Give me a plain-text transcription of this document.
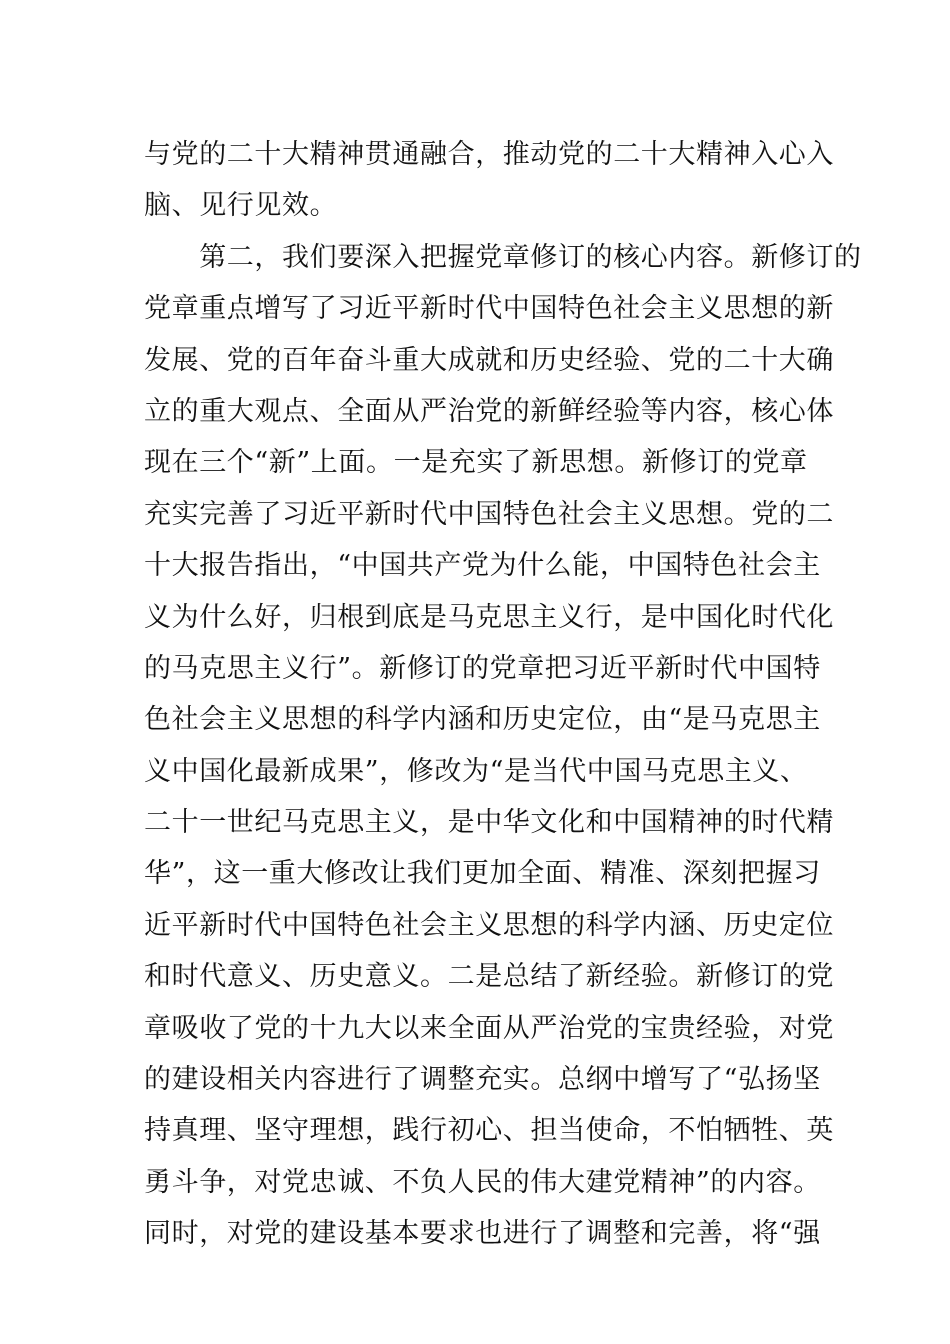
与党的二十大精神贯通融合，推动党的二十大精神入心入
脑、见行见效。
　　第二，我们要深入把握党章修订的核心内容。新修订的
党章重点增写了习近平新时代中国特色社会主义思想的新
发展、党的百年奋斗重大成就和历史经验、党的二十大确
立的重大观点、全面从严治党的新鲜经验等内容，核心体
现在三个“新”上面。一是充实了新思想。新修订的党章
充实完善了习近平新时代中国特色社会主义思想。党的二
十大报告指出，“中国共产党为什么能，中国特色社会主
义为什么好，归根到底是马克思主义行，是中国化时代化
的马克思主义行”。新修订的党章把习近平新时代中国特
色社会主义思想的科学内涵和历史定位，由“是马克思主
义中国化最新成果”，修改为“是当代中国马克思主义、
二十一世纪马克思主义，是中华文化和中国精神的时代精
华”，这一重大修改让我们更加全面、精准、深刻把握习
近平新时代中国特色社会主义思想的科学内涵、历史定位
和时代意义、历史意义。二是总结了新经验。新修订的党
章吸收了党的十九大以来全面从严治党的宝贵经验，对党
的建设相关内容进行了调整充实。总纲中增写了“弘扬坚
持真理、坚守理想，践行初心、担当使命，不怕牺牲、英
勇斗争，对党忠诚、不负人民的伟大建党精神”的内容。
同时，对党的建设基本要求也进行了调整和完善，将“强
